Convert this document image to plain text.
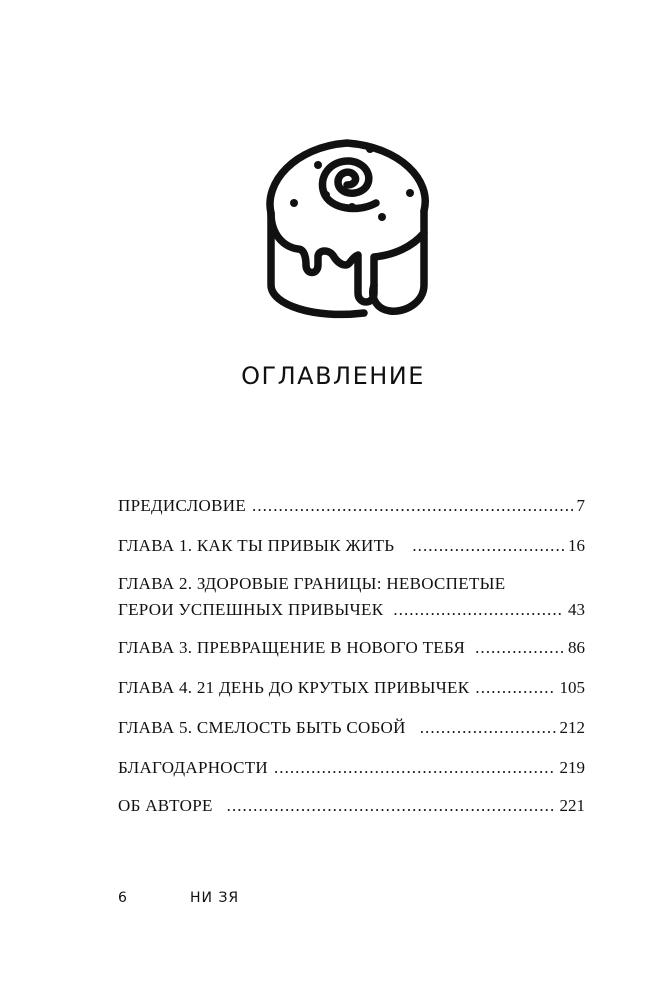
ОГЛАВЛЕНИЕ
ПРЕДИСЛОВИЕ . . .	7
ГЛАВА 1. КАК ТЫ ПРИВЫК ЖИТЬ . . .	16
ГЛАВА 2. ЗДОРОВЫЕ ГРАНИЦЫ: НЕВОСПЕТЫЕ
ГЕРОИ УСПЕШНЫХ ПРИВЫЧЕК . . .	43
ГЛАВА 3. ПРЕВРАЩЕНИЕ В НОВОГО ТЕБЯ . . .	86
ГЛАВА 4. 21 ДЕНЬ ДО КРУТЫХ ПРИВЫЧЕК . . .	105
ГЛАВА 5. СМЕЛОСТЬ БЫТЬ СОБОЙ . . .	212
БЛАГОДАРНОСТИ . . .	219
ОБ АВТОРЕ . . .	221
6	НИ ЗЯ
